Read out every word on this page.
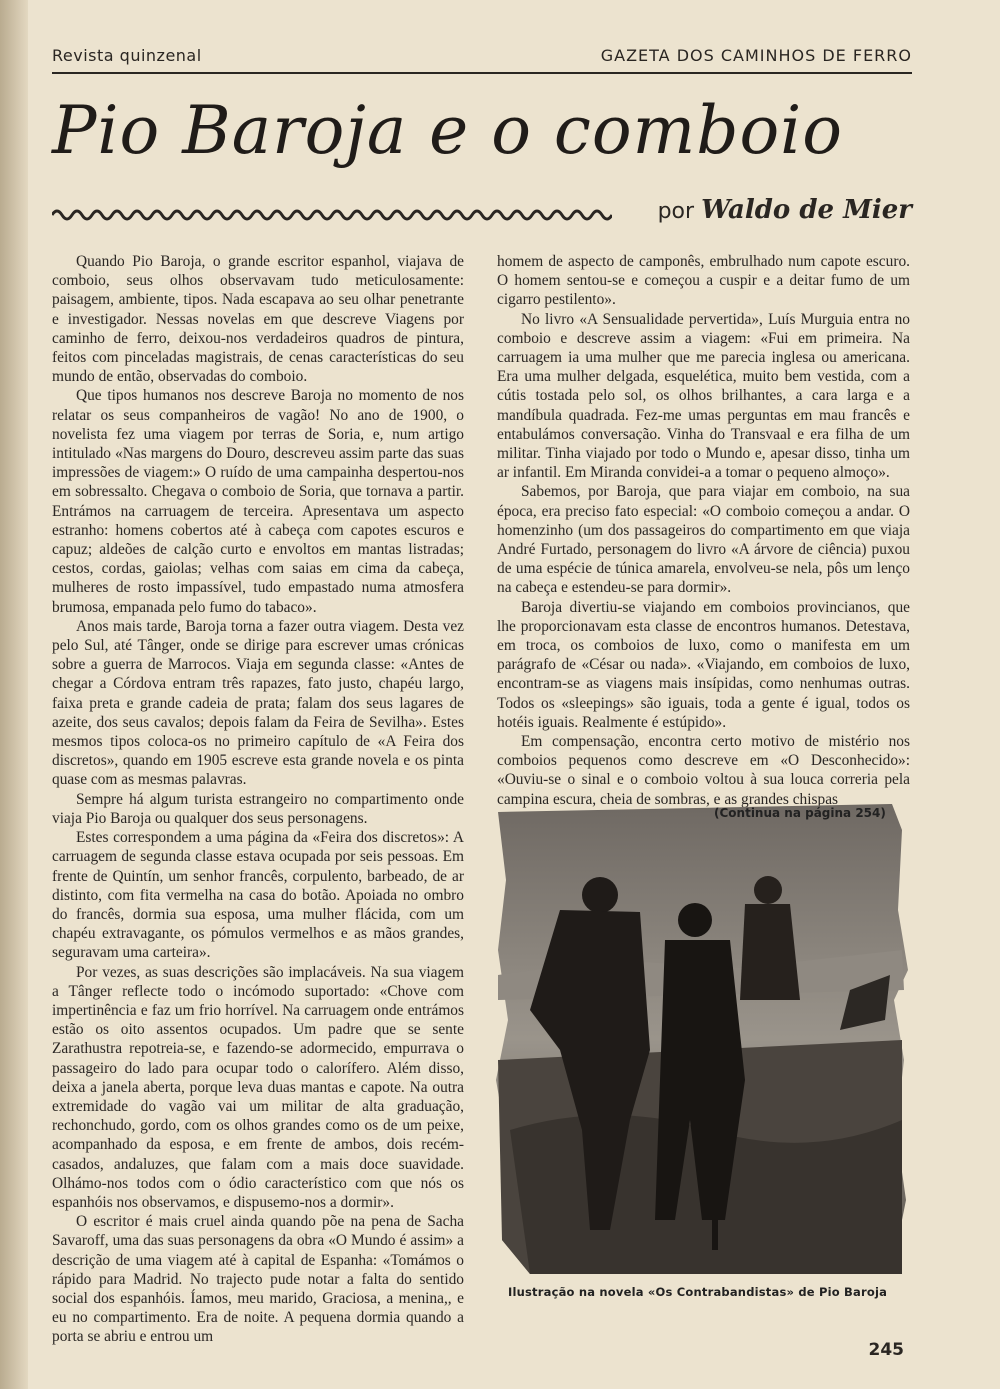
Revista quinzenal	GAZETA DOS CAMINHOS DE FERRO
Pio Baroja e o comboio
por Waldo de Mier

Quando Pio Baroja, o grande escritor espanhol, viajava de comboio, seus olhos observavam tudo meticulosamente: paisagem, ambiente, tipos. Nada escapava ao seu olhar penetrante e investigador. Nessas novelas em que descreve Viagens por caminho de ferro, deixou-nos verdadeiros quadros de pintura, feitos com pinceladas magistrais, de cenas características do seu mundo de então, observadas do comboio.

Que tipos humanos nos descreve Baroja no momento de nos relatar os seus companheiros de vagão! No ano de 1900, o novelista fez uma viagem por terras de Soria, e, num artigo intitulado «Nas margens do Douro, descreveu assim parte das suas impressões de viagem:» O ruído de uma campainha despertou-nos em sobressalto. Chegava o comboio de Soria, que tornava a partir. Entrámos na carruagem de terceira. Apresentava um aspecto estranho: homens cobertos até à cabeça com capotes escuros e capuz; aldeões de calção curto e envoltos em mantas listradas; cestos, cordas, gaiolas; velhas com saias em cima da cabeça, mulheres de rosto impassível, tudo empastado numa atmosfera brumosa, empanada pelo fumo do tabaco».

Anos mais tarde, Baroja torna a fazer outra viagem. Desta vez pelo Sul, até Tânger, onde se dirige para escrever umas crónicas sobre a guerra de Marrocos. Viaja em segunda classe: «Antes de chegar a Córdova entram três rapazes, fato justo, chapéu largo, faixa preta e grande cadeia de prata; falam dos seus lagares de azeite, dos seus cavalos; depois falam da Feira de Sevilha». Estes mesmos tipos coloca-os no primeiro capítulo de «A Feira dos discretos», quando em 1905 escreve esta grande novela e os pinta quase com as mesmas palavras.

Sempre há algum turista estrangeiro no compartimento onde viaja Pio Baroja ou qualquer dos seus personagens.

Estes correspondem a uma página da «Feira dos discretos»: A carruagem de segunda classe estava ocupada por seis pessoas. Em frente de Quintín, um senhor francês, corpulento, barbeado, de ar distinto, com fita vermelha na casa do botão. Apoiada no ombro do francês, dormia sua esposa, uma mulher flácida, com um chapéu extravagante, os pómulos vermelhos e as mãos grandes, seguravam uma carteira».

Por vezes, as suas descrições são implacáveis. Na sua viagem a Tânger reflecte todo o incómodo suportado: «Chove com impertinência e faz um frio horrível. Na carruagem onde entrámos estão os oito assentos ocupados. Um padre que se sente Zarathustra repotreia-se, e fazendo-se adormecido, empurrava o passageiro do lado para ocupar todo o calorífero. Além disso, deixa a janela aberta, porque leva duas mantas e capote. Na outra extremidade do vagão vai um militar de alta graduação, rechonchudo, gordo, com os olhos grandes como os de um peixe, acompanhado da esposa, e em frente de ambos, dois recém-casados, andaluzes, que falam com a mais doce suavidade. Olhámo-nos todos com o ódio característico com que nós os espanhóis nos observamos, e dispusemo-nos a dormir».

O escritor é mais cruel ainda quando põe na pena de Sacha Savaroff, uma das suas personagens da obra «O Mundo é assim» a descrição de uma viagem até à capital de Espanha: «Tomámos o rápido para Madrid. No trajecto pude notar a falta do sentido social dos espanhóis. Íamos, meu marido, Graciosa, a menina,, e eu no compartimento. Era de noite. A pequena dormia quando a porta se abriu e entrou um

homem de aspecto de camponês, embrulhado num capote escuro. O homem sentou-se e começou a cuspir e a deitar fumo de um cigarro pestilento».

No livro «A Sensualidade pervertida», Luís Murguia entra no comboio e descreve assim a viagem: «Fui em primeira. Na carruagem ia uma mulher que me parecia inglesa ou americana. Era uma mulher delgada, esquelética, muito bem vestida, com a cútis tostada pelo sol, os olhos brilhantes, a cara larga e a mandíbula quadrada. Fez-me umas perguntas em mau francês e entabulámos conversação. Vinha do Transvaal e era filha de um militar. Tinha viajado por todo o Mundo e, apesar disso, tinha um ar infantil. Em Miranda convidei-a a tomar o pequeno almoço».

Sabemos, por Baroja, que para viajar em comboio, na sua época, era preciso fato especial: «O comboio começou a andar. O homenzinho (um dos passageiros do compartimento em que viaja André Furtado, personagem do livro «A árvore de ciência) puxou de uma espécie de túnica amarela, envolveu-se nela, pôs um lenço na cabeça e estendeu-se para dormir».

Baroja divertiu-se viajando em comboios provincianos, que lhe proporcionavam esta classe de encontros humanos. Detestava, em troca, os comboios de luxo, como o manifesta em um parágrafo de «César ou nada». «Viajando, em comboios de luxo, encontram-se as viagens mais insípidas, como nenhumas outras. Todos os «sleepings» são iguais, toda a gente é igual, todos os hotéis iguais. Realmente é estúpido».

Em compensação, encontra certo motivo de mistério nos comboios pequenos como descreve em «O Desconhecido»: «Ouviu-se o sinal e o comboio voltou à sua louca correria pela campina escura, cheia de sombras, e as grandes chispas

(Continua na página 254)
Ilustração na novela «Os Contrabandistas» de Pio Baroja
245
